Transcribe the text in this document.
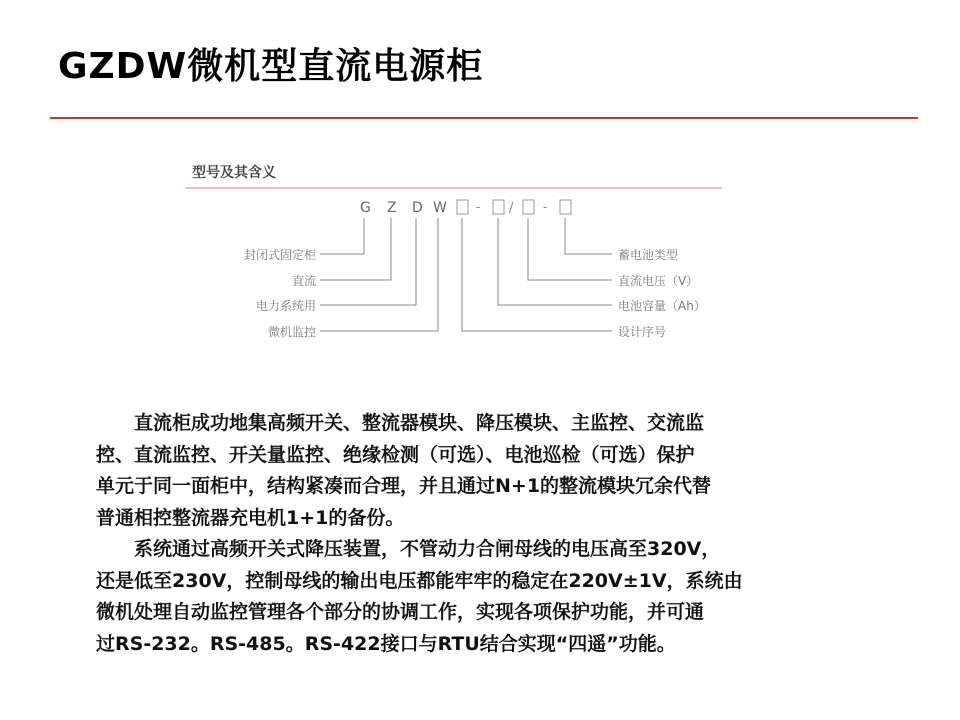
GZDW微机型直流电源柜
型号及其含义
G Z D W - / -
封闭式固定柜
直流
电力系统用
微机监控
蓄电池类型
直流电压（V）
电池容量（Ah）
设计序号

　　直流柜成功地集高频开关、整流器模块、降压模块、主监控、交流监
控、直流监控、开关量监控、绝缘检测（可选）、电池巡检（可选）保护
单元于同一面柜中，结构紧凑而合理，并且通过N+1的整流模块冗余代替
普通相控整流器充电机1+1的备份。

　　系统通过高频开关式降压装置，不管动力合闸母线的电压高至320V，
还是低至230V，控制母线的输出电压都能牢牢的稳定在220V±1V，系统由
微机处理自动监控管理各个部分的协调工作，实现各项保护功能，并可通
过RS-232。RS-485。RS-422接口与RTU结合实现“四遥”功能。
